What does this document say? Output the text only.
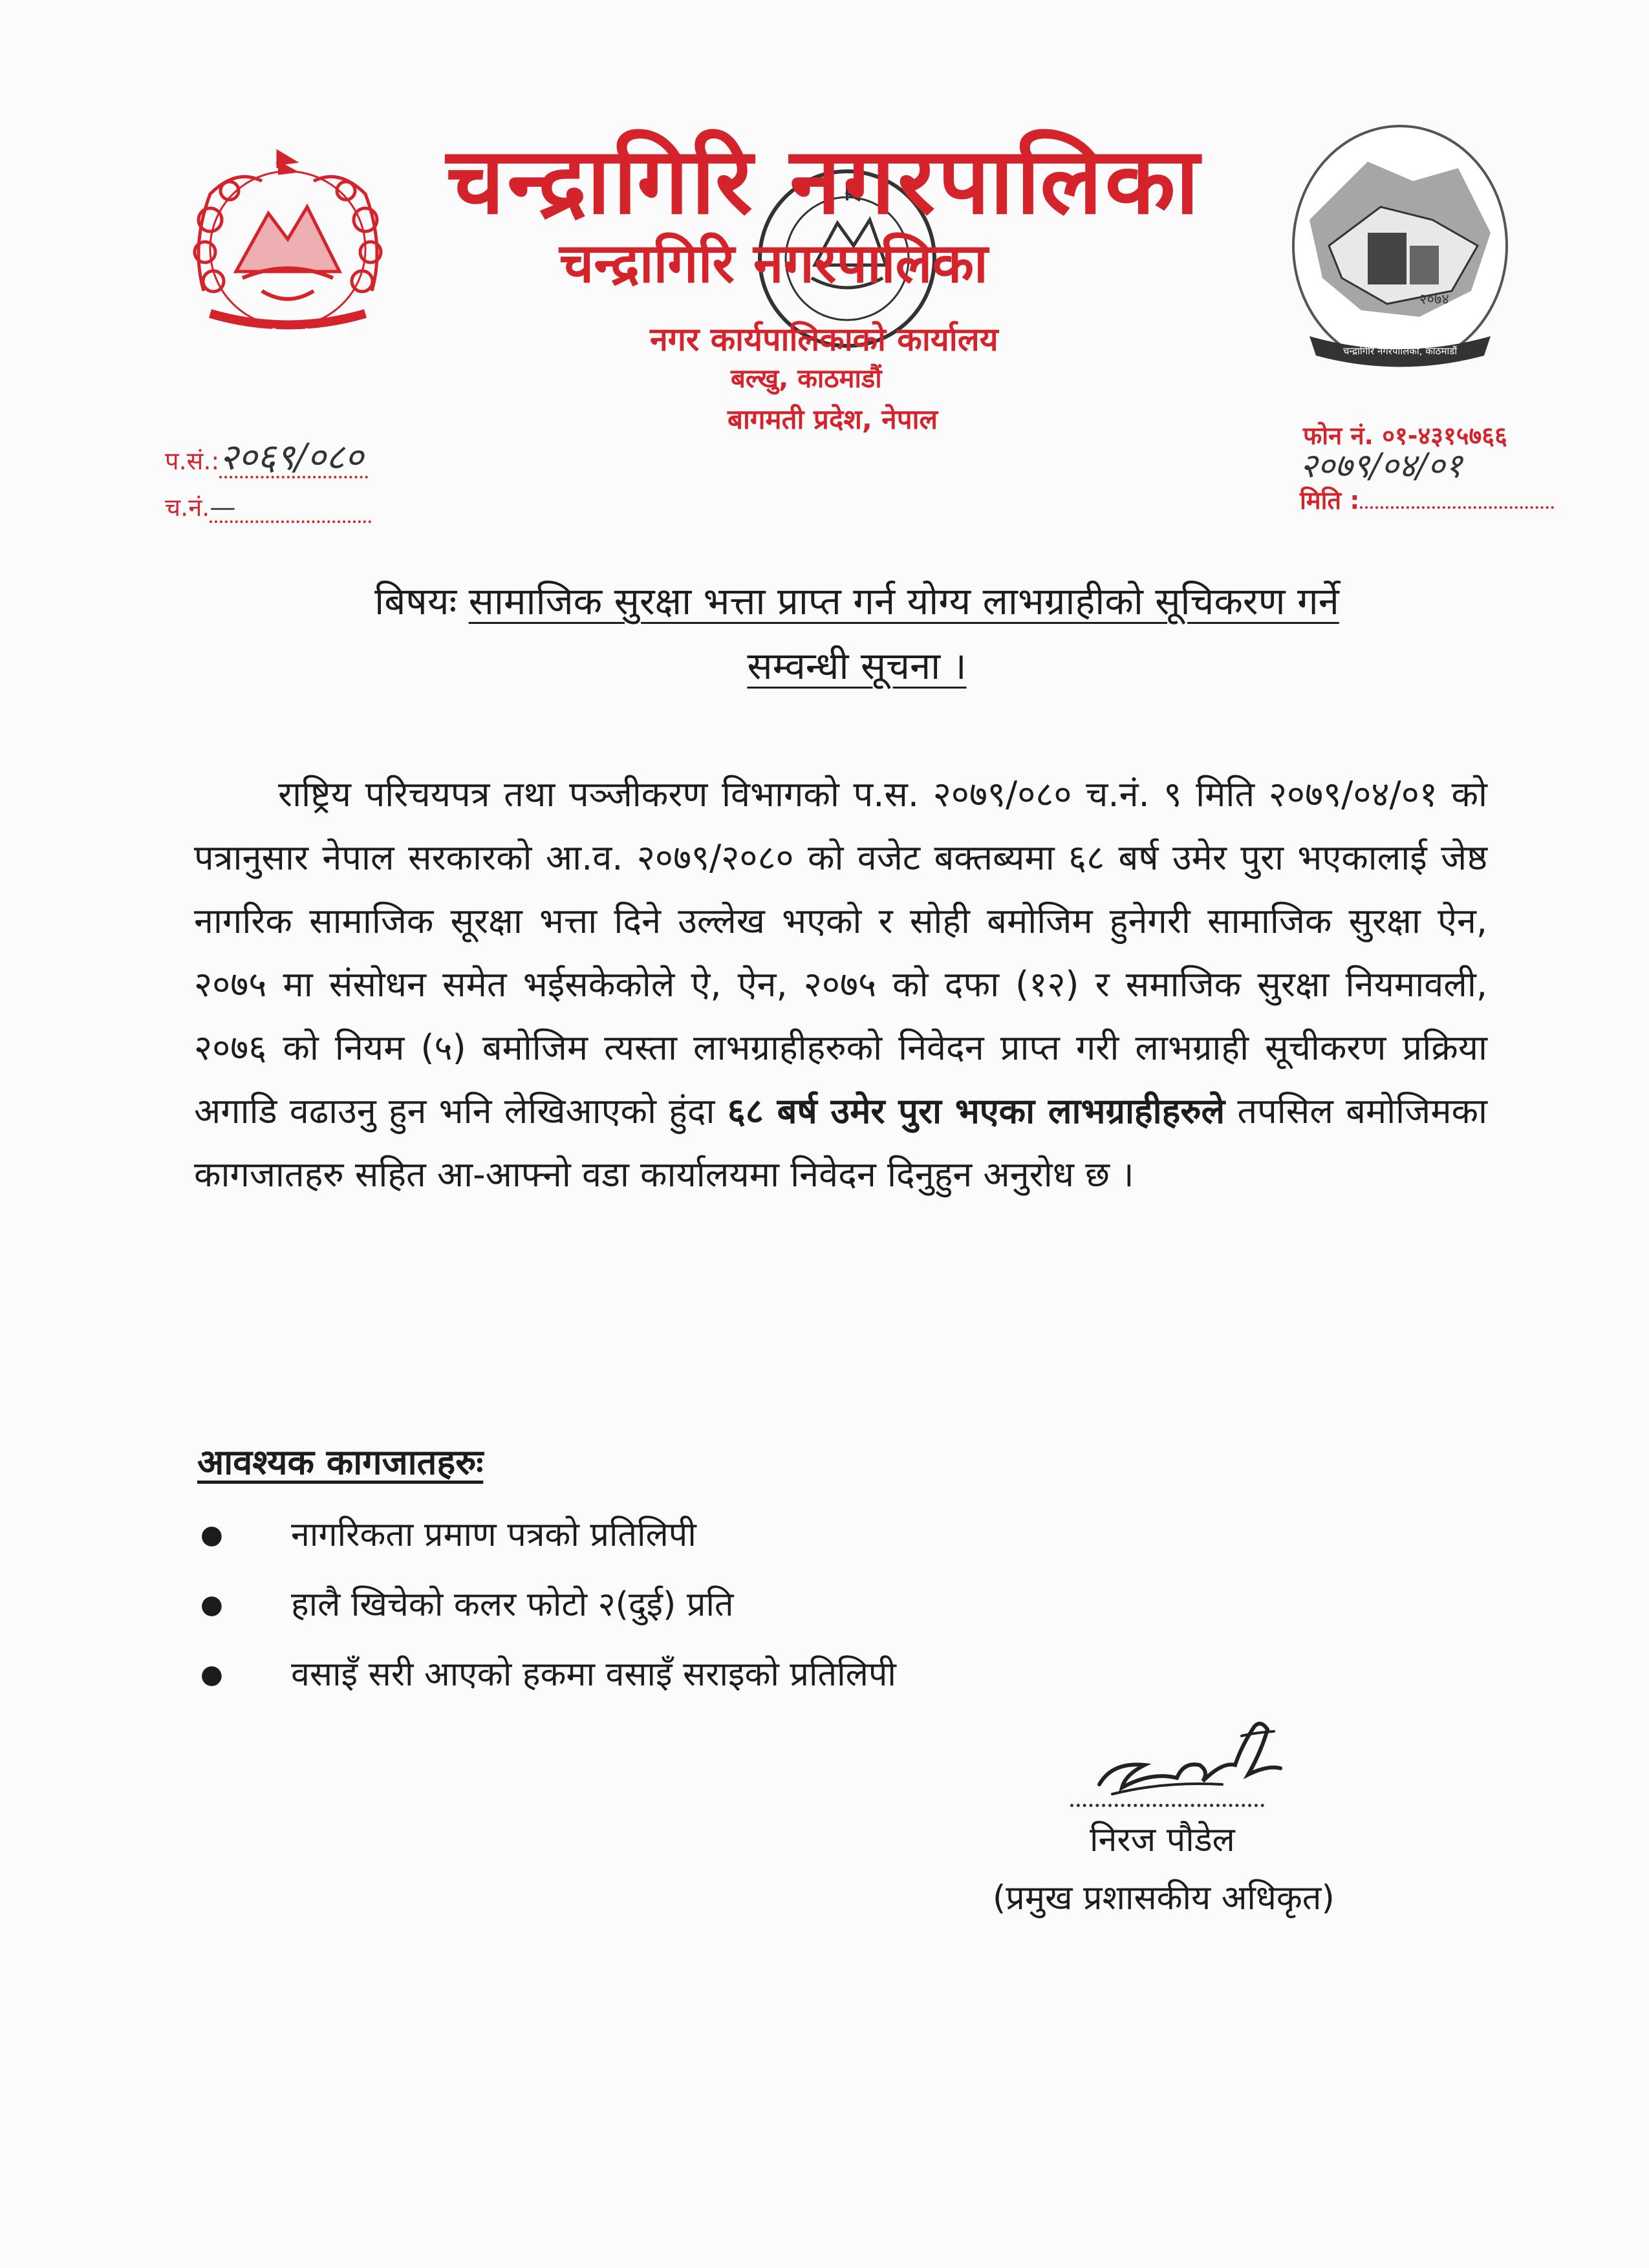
जननी जन्मभूमिश्च स्वर्गादपि गरीयसी
२०७४
चन्द्रागिरि नगरपालिका, काठमाडौं
चन्द्रागिरि नगरपालिका
चन्द्रागिरि नगरपालिका
नगर कार्यपालिकाको कार्यालय
बल्खु, काठमाडौं
बागमती प्रदेश, नेपाल
प.सं.:२०६९/०८०
च.नं.—
फोन नं. ०१-४३१५७६६
२०७९/०४/०१
मिति :
बिषयः सामाजिक सुरक्षा भत्ता प्राप्त गर्न योग्य लाभग्राहीको सूचिकरण गर्ने
सम्वन्धी सूचना ।
राष्ट्रिय परिचयपत्र तथा पञ्जीकरण विभागको प.स. २०७९/०८० च.नं. ९ मिति २०७९/०४/०१ को पत्रानुसार नेपाल सरकारको आ.व. २०७९/२०८० को वजेट बक्तब्यमा ६८ बर्ष उमेर पुरा भएकालाई जेष्ठ नागरिक सामाजिक सूरक्षा भत्ता दिने उल्लेख भएको र सोही बमोजिम हुनेगरी सामाजिक सुरक्षा ऐन, २०७५ मा संसोधन समेत भईसकेकोले ऐ, ऐन, २०७५ को दफा (१२) र समाजिक सुरक्षा नियमावली, २०७६ को नियम (५) बमोजिम त्यस्ता लाभग्राहीहरुको निवेदन प्राप्त गरी लाभग्राही सूचीकरण प्रक्रिया अगाडि वढाउनु हुन भनि लेखिआएको हुंदा ६८ बर्ष उमेर पुरा भएका लाभग्राहीहरुले तपसिल बमोजिमका कागजातहरु सहित आ-आफ्नो वडा कार्यालयमा निवेदन दिनुहुन अनुरोध छ ।
आवश्यक कागजातहरुः
● नागरिकता प्रमाण पत्रको प्रतिलिपी
● हालै खिचेको कलर फोटो २(दुई) प्रति
● वसाइँ सरी आएको हकमा वसाइँ सराइको प्रतिलिपी
निरज पौडेल
(प्रमुख प्रशासकीय अधिकृत)
